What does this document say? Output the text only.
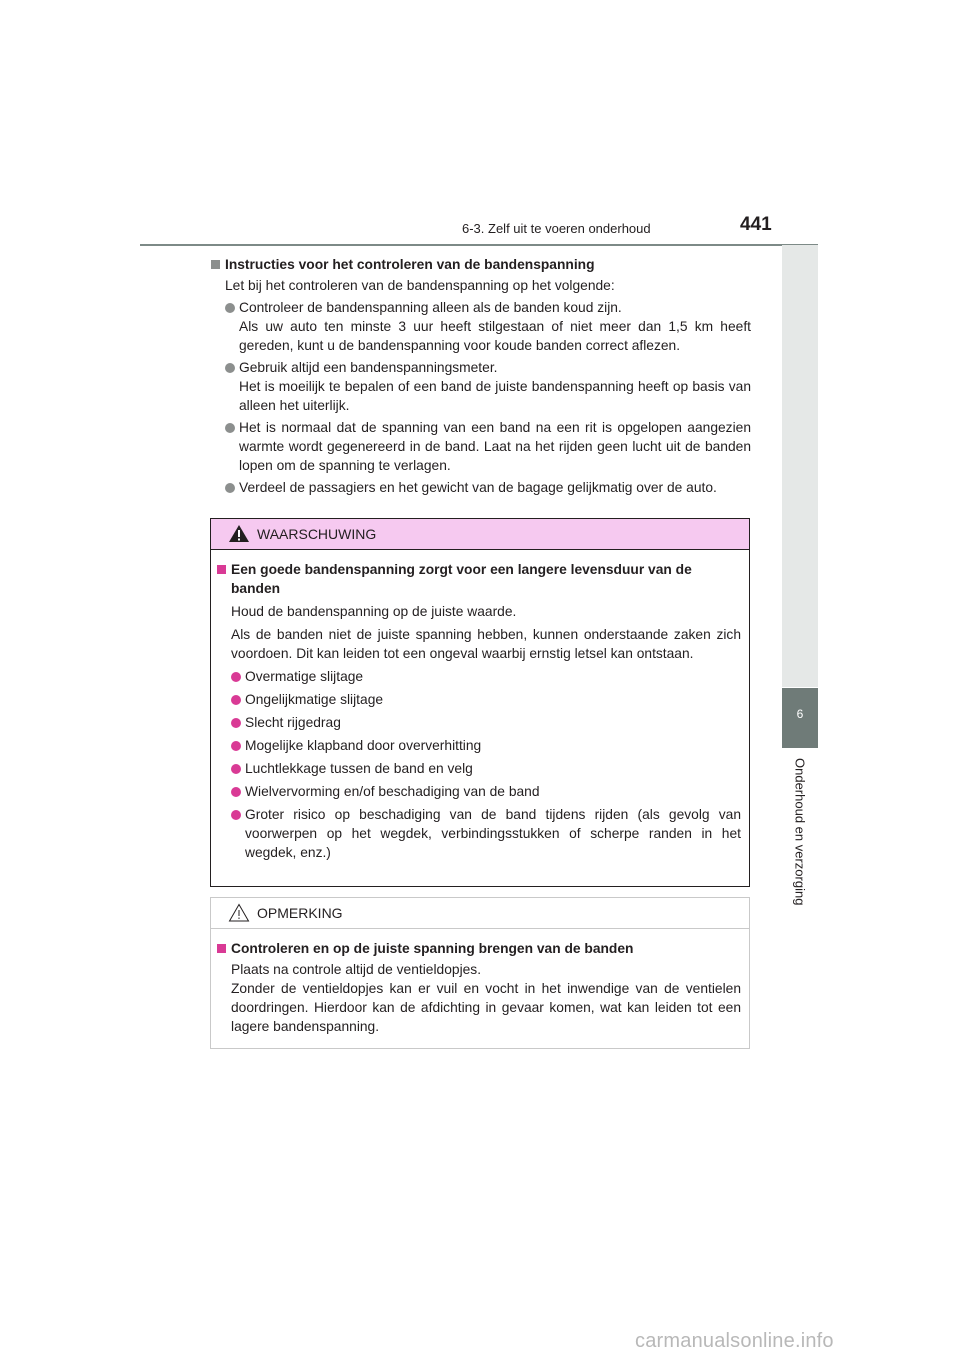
6-3. Zelf uit te voeren onderhoud	441
6
Onderhoud en verzorging
Instructies voor het controleren van de bandenspanning
Let bij het controleren van de bandenspanning op het volgende:
Controleer de bandenspanning alleen als de banden koud zijn.
Als uw auto ten minste 3 uur heeft stilgestaan of niet meer dan 1,5 km heeft gereden, kunt u de bandenspanning voor koude banden correct aflezen.
Gebruik altijd een bandenspanningsmeter.
Het is moeilijk te bepalen of een band de juiste bandenspanning heeft op basis van alleen het uiterlijk.
Het is normaal dat de spanning van een band na een rit is opgelopen aangezien warmte wordt gegenereerd in de band. Laat na het rijden geen lucht uit de banden lopen om de spanning te verlagen.
Verdeel de passagiers en het gewicht van de bagage gelijkmatig over de auto.
WAARSCHUWING
Een goede bandenspanning zorgt voor een langere levensduur van de banden
Houd de bandenspanning op de juiste waarde.
Als de banden niet de juiste spanning hebben, kunnen onderstaande zaken zich voordoen. Dit kan leiden tot een ongeval waarbij ernstig letsel kan ontstaan.
Overmatige slijtage
Ongelijkmatige slijtage
Slecht rijgedrag
Mogelijke klapband door oververhitting
Luchtlekkage tussen de band en velg
Wielvervorming en/of beschadiging van de band
Groter risico op beschadiging van de band tijdens rijden (als gevolg van voorwerpen op het wegdek, verbindingsstukken of scherpe randen in het wegdek, enz.)
OPMERKING
Controleren en op de juiste spanning brengen van de banden
Plaats na controle altijd de ventieldopjes.
Zonder de ventieldopjes kan er vuil en vocht in het inwendige van de ventielen doordringen. Hierdoor kan de afdichting in gevaar komen, wat kan leiden tot een lagere bandenspanning.
carmanualsonline.info
